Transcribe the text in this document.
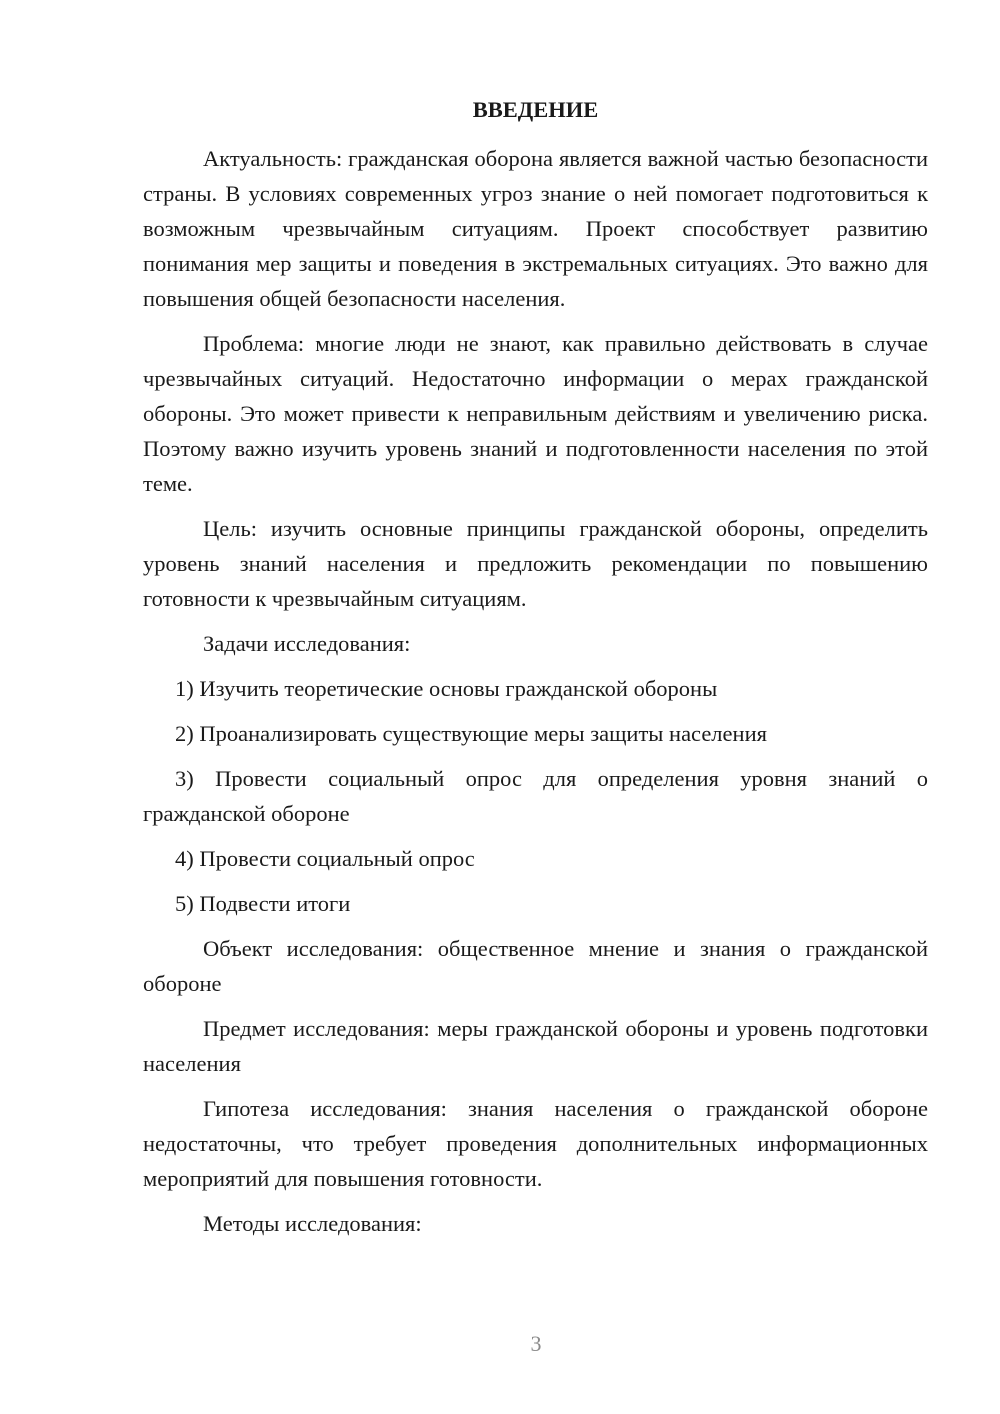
ВВЕДЕНИЕ

Актуальность: гражданская оборона является важной частью безопасности страны. В условиях современных угроз знание о ней помогает подготовиться к возможным чрезвычайным ситуациям. Проект способствует развитию понимания мер защиты и поведения в экстремальных ситуациях. Это важно для повышения общей безопасности населения.

Проблема: многие люди не знают, как правильно действовать в случае чрезвычайных ситуаций. Недостаточно информации о мерах гражданской обороны. Это может привести к неправильным действиям и увеличению риска. Поэтому важно изучить уровень знаний и подготовленности населения по этой теме.

Цель: изучить основные принципы гражданской обороны, определить уровень знаний населения и предложить рекомендации по повышению готовности к чрезвычайным ситуациям.

Задачи исследования:

1) Изучить теоретические основы гражданской обороны

2) Проанализировать существующие меры защиты населения

3) Провести социальный опрос для определения уровня знаний о гражданской обороне

4) Провести социальный опрос

5) Подвести итоги

Объект исследования: общественное мнение и знания о гражданской обороне

Предмет исследования: меры гражданской обороны и уровень подготовки населения

Гипотеза исследования: знания населения о гражданской обороне недостаточны, что требует проведения дополнительных информационных мероприятий для повышения готовности.

Методы исследования:

3
